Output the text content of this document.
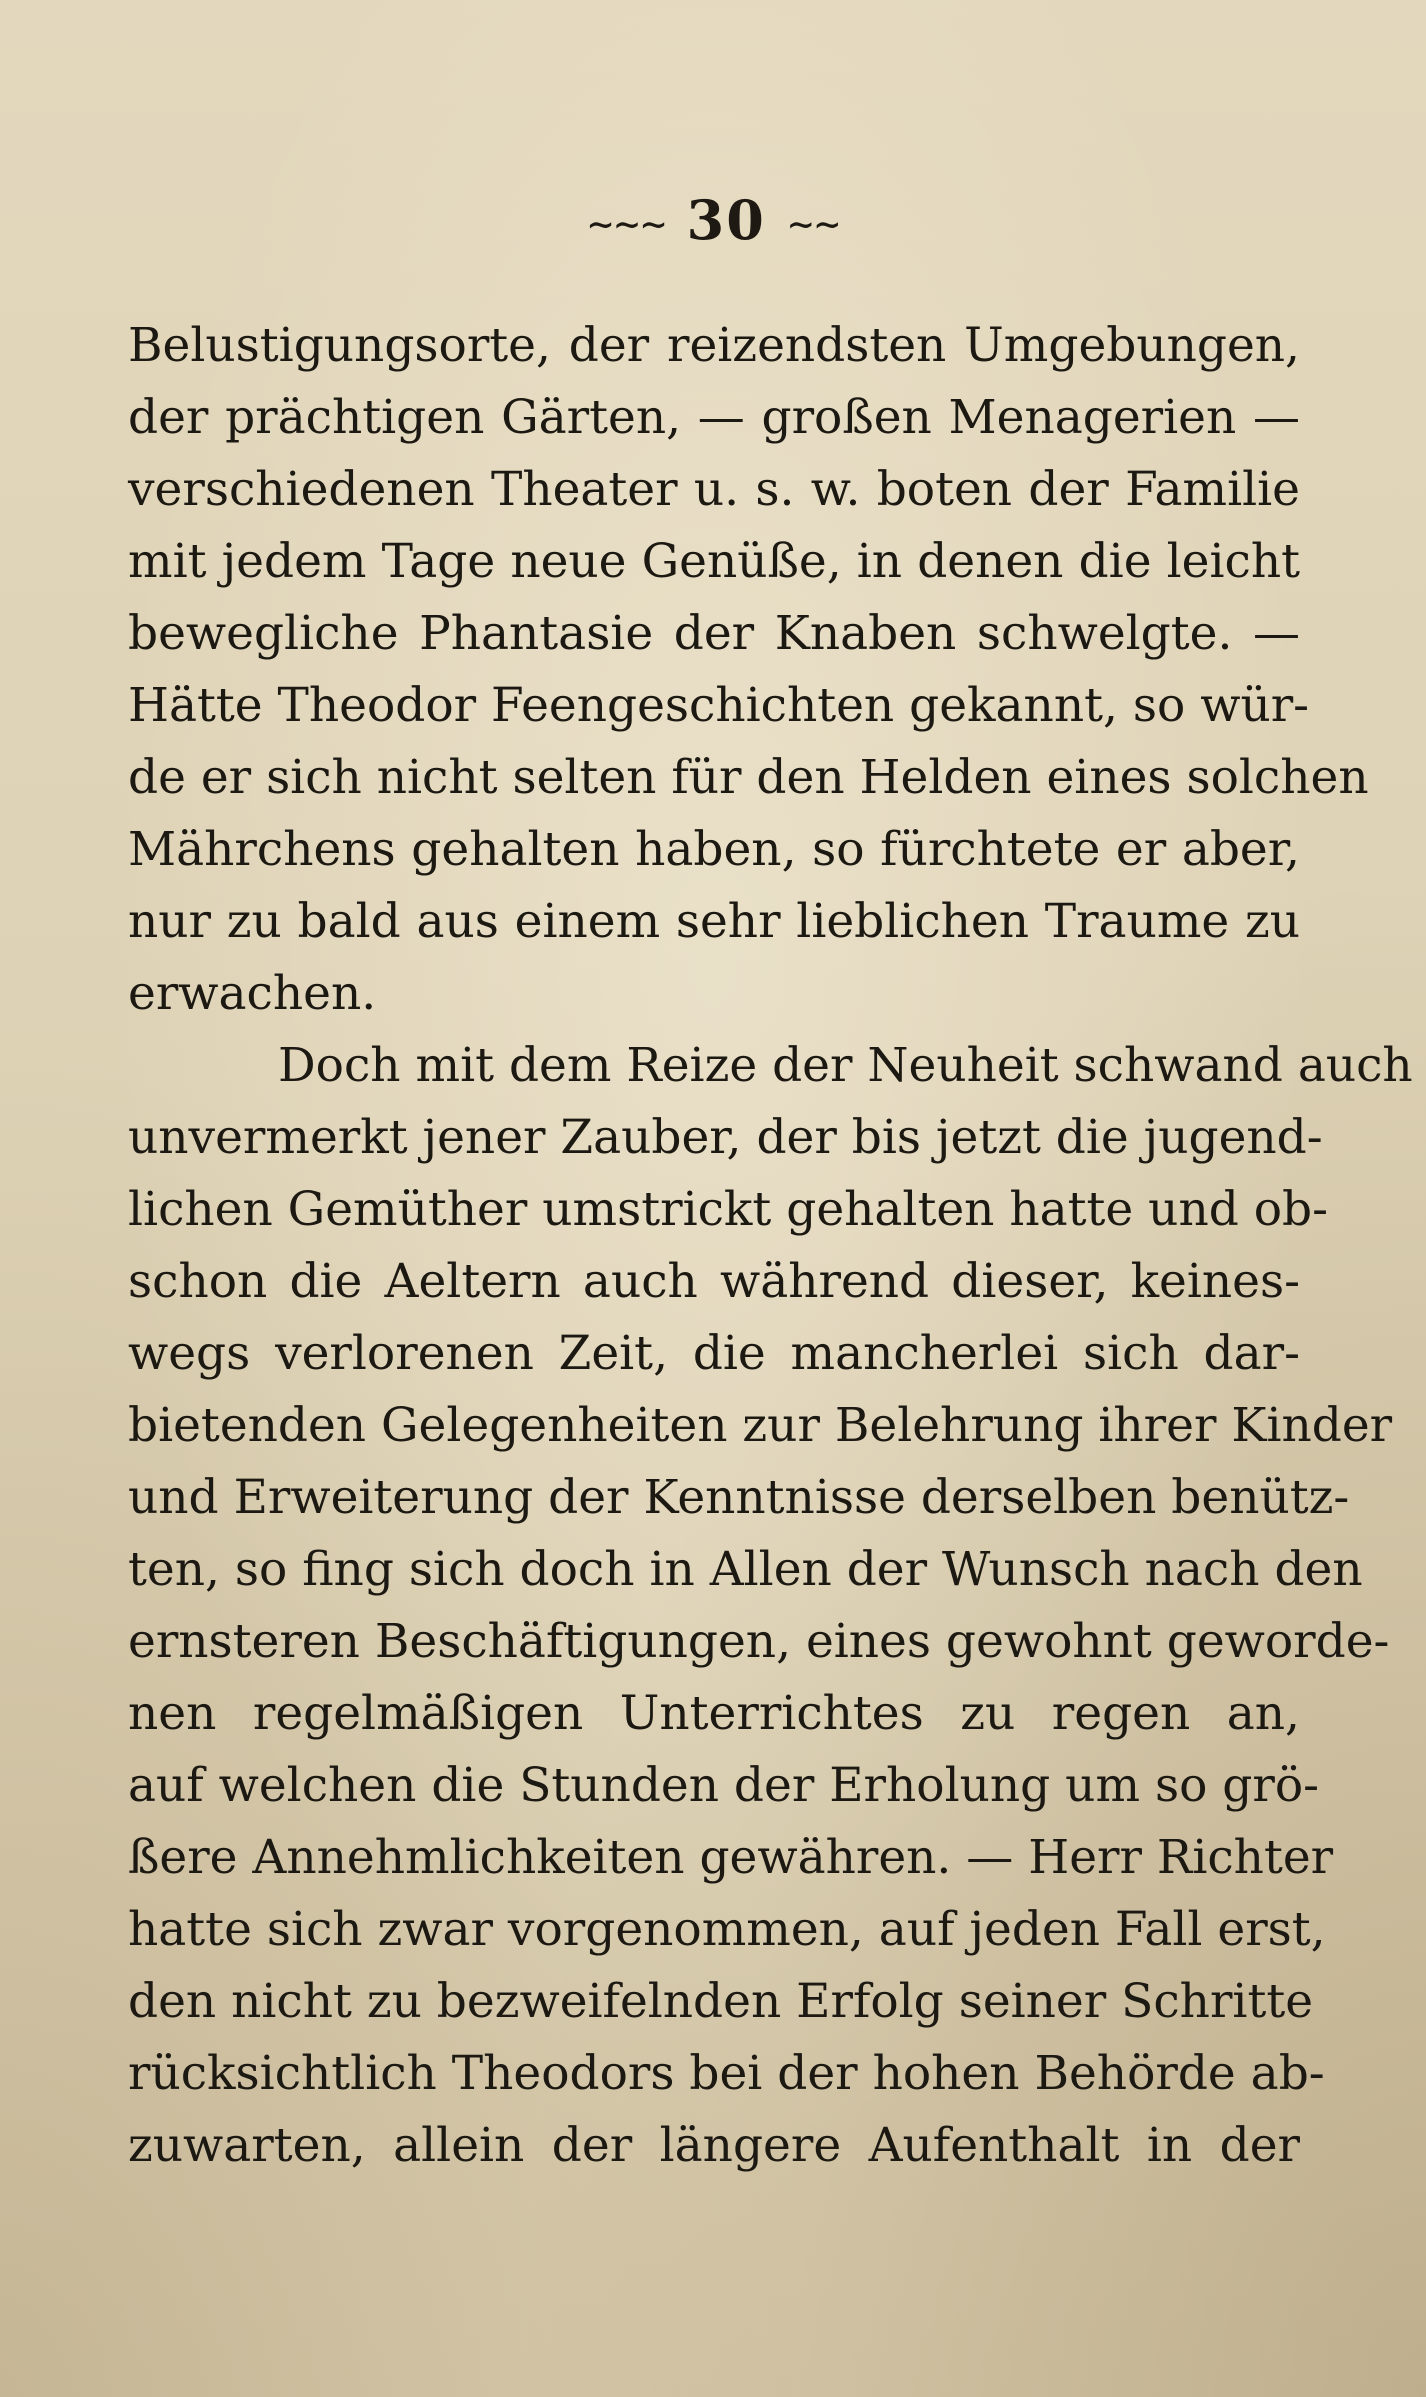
∼∼∼ 30 ∼∼
Belustigungsorte, der reizendsten Umgebungen,
der prächtigen Gärten, — großen Menagerien —
verschiedenen Theater u. s. w. boten der Familie
mit jedem Tage neue Genüße, in denen die leicht
bewegliche Phantasie der Knaben schwelgte. —
Hätte Theodor Feengeschichten gekannt, so wür-
de er sich nicht selten für den Helden eines solchen
Mährchens gehalten haben, so fürchtete er aber,
nur zu bald aus einem sehr lieblichen Traume zu
erwachen.
Doch mit dem Reize der Neuheit schwand auch
unvermerkt jener Zauber, der bis jetzt die jugend-
lichen Gemüther umstrickt gehalten hatte und ob-
schon die Aeltern auch während dieser, keines-
wegs verlorenen Zeit, die mancherlei sich dar-
bietenden Gelegenheiten zur Belehrung ihrer Kinder
und Erweiterung der Kenntnisse derselben benütz-
ten, so fing sich doch in Allen der Wunsch nach den
ernsteren Beschäftigungen, eines gewohnt geworde-
nen regelmäßigen Unterrichtes zu regen an,
auf welchen die Stunden der Erholung um so grö-
ßere Annehmlichkeiten gewähren. — Herr Richter
hatte sich zwar vorgenommen, auf jeden Fall erst,
den nicht zu bezweifelnden Erfolg seiner Schritte
rücksichtlich Theodors bei der hohen Behörde ab-
zuwarten, allein der längere Aufenthalt in der
